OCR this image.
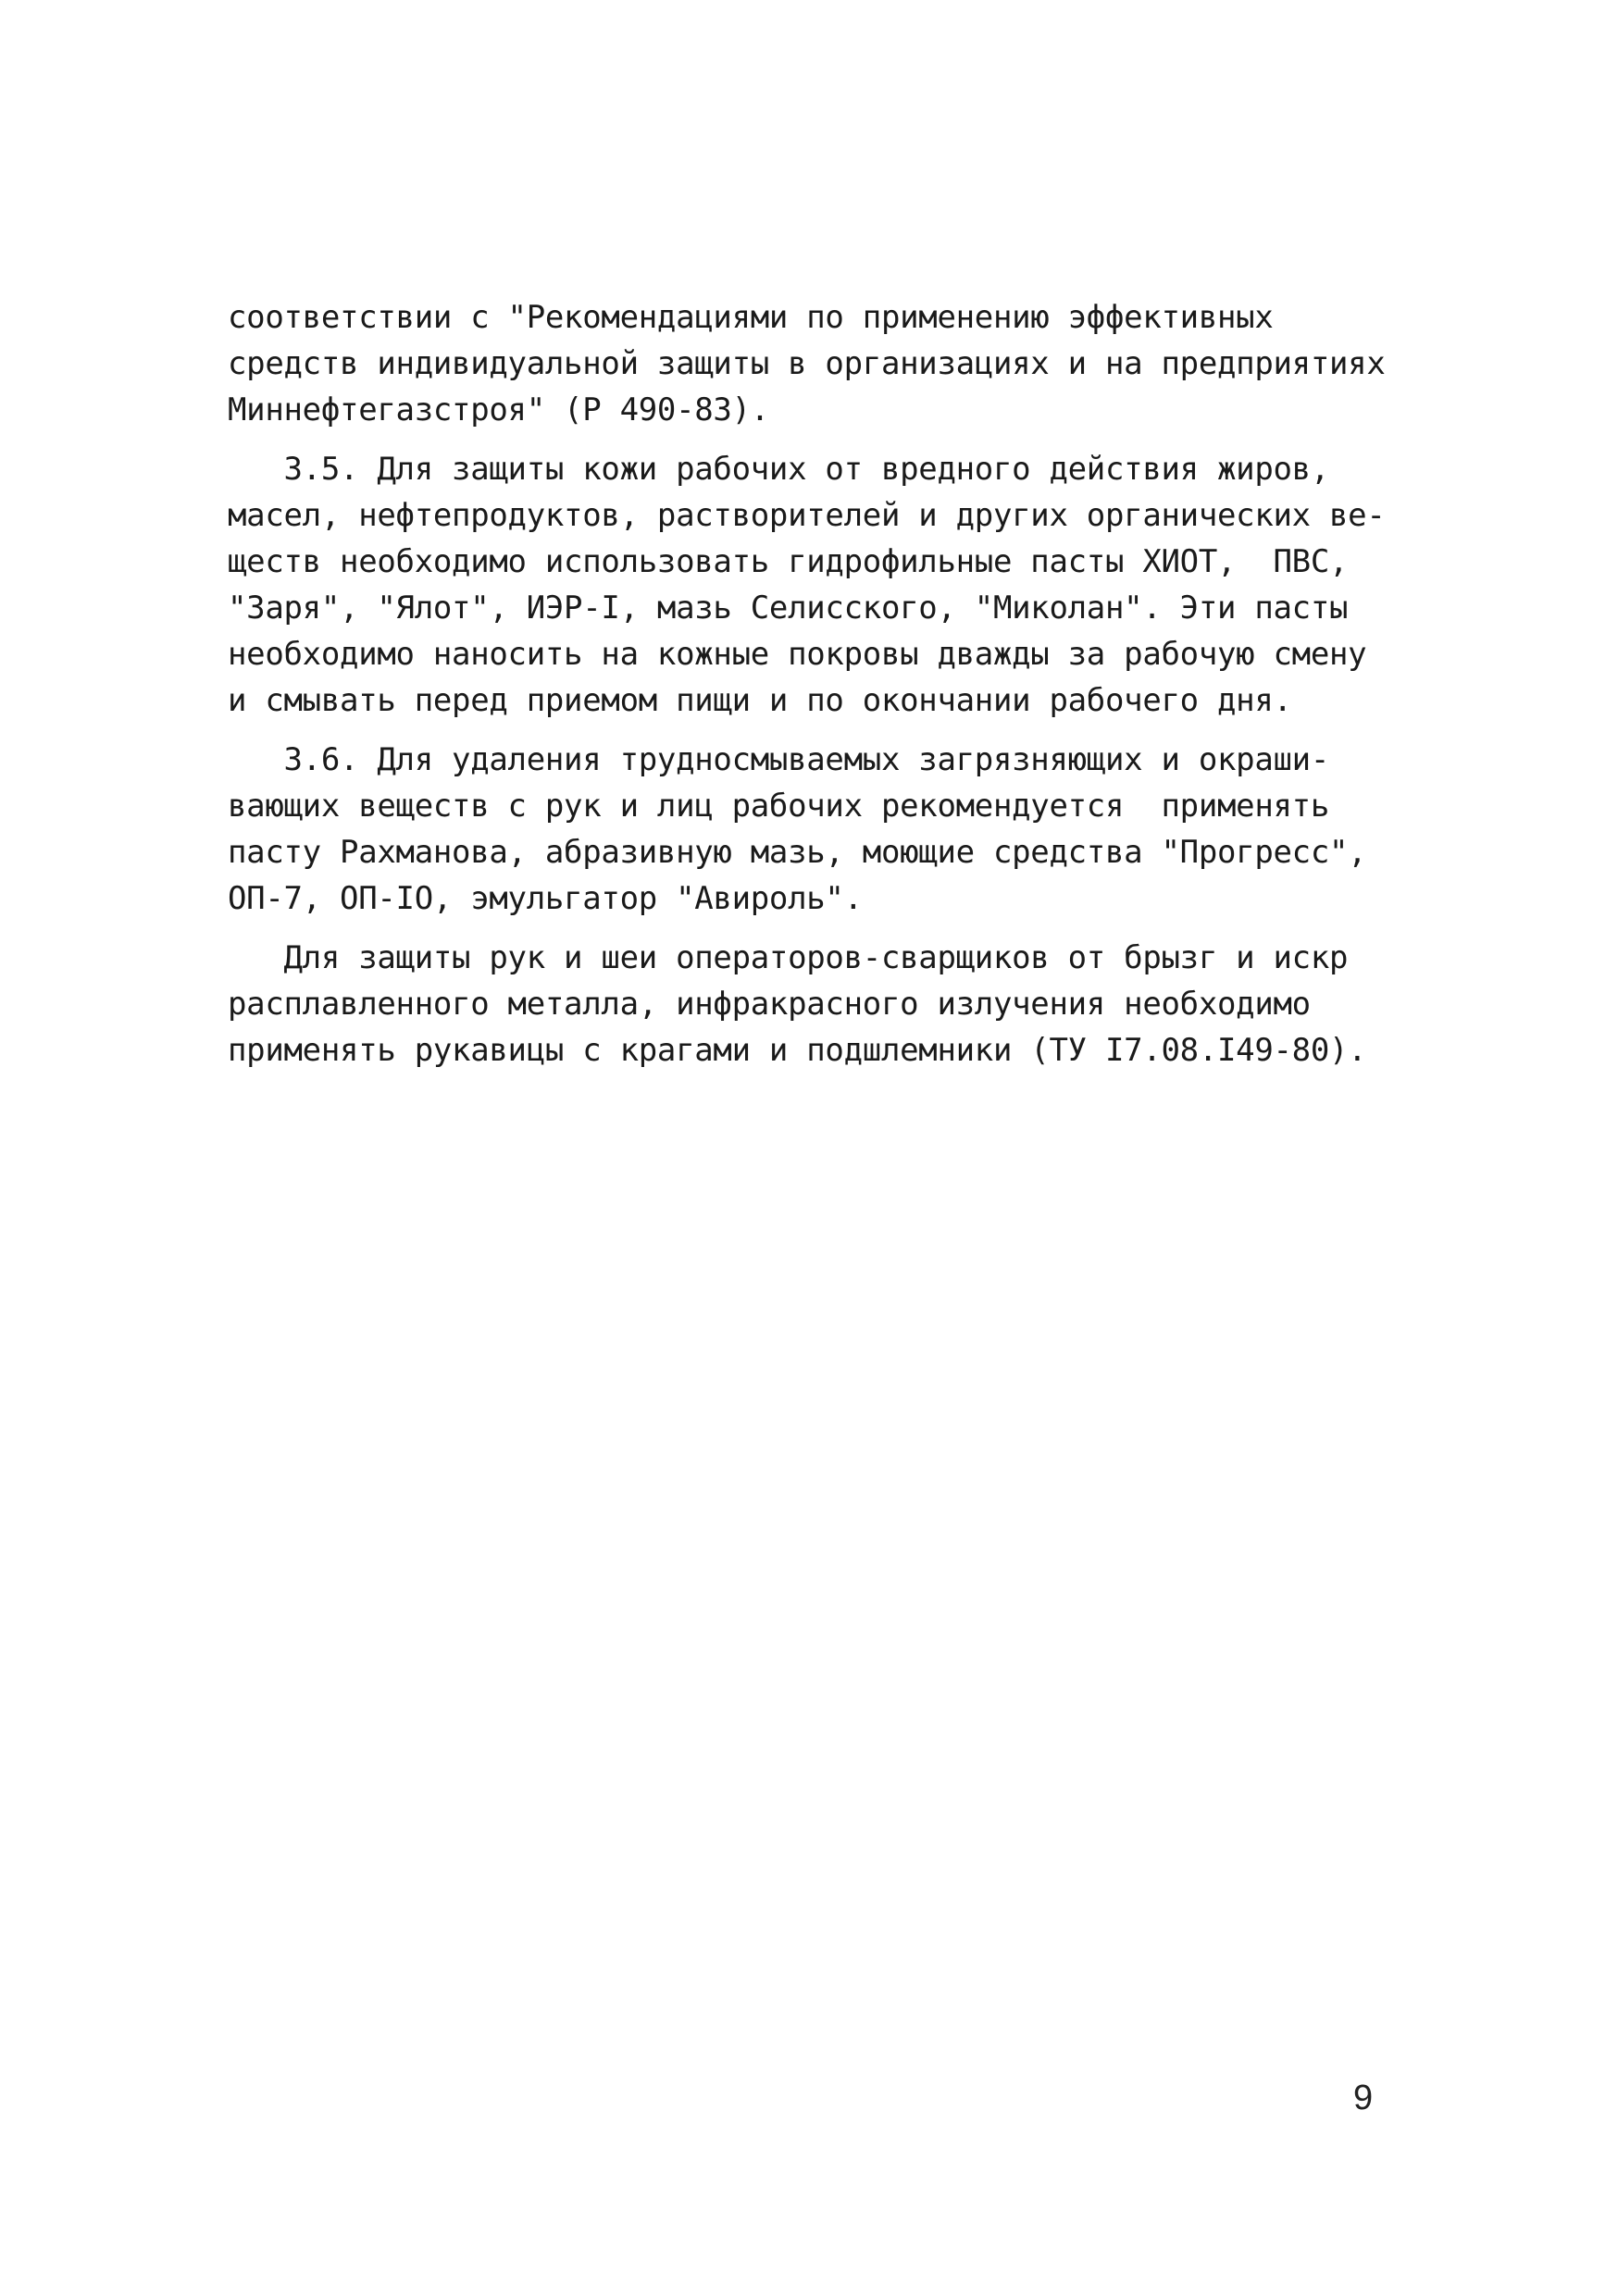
соответствии с "Рекомендациями по применению эффективных
средств индивидуальной защиты в организациях и на предприятиях
Миннефтегазстроя" (Р 490-83).
3.5. Для защиты кожи рабочих от вредного действия жиров,
масел, нефтепродуктов, растворителей и других органических ве-
ществ необходимо использовать гидрофильные пасты ХИОТ,  ПВС,
"Заря", "Ялот", ИЭР-I, мазь Селисского, "Миколан". Эти пасты
необходимо наносить на кожные покровы дважды за рабочую смену
и смывать перед приемом пищи и по окончании рабочего дня.
3.6. Для удаления трудносмываемых загрязняющих и окраши-
вающих веществ с рук и лиц рабочих рекомендуется  применять
пасту Рахманова, абразивную мазь, моющие средства "Прогресс",
ОП-7, ОП-IO, эмульгатор "Авироль".
Для защиты рук и шеи операторов-сварщиков от брызг и искр
расплавленного металла, инфракрасного излучения необходимо
применять рукавицы с крагами и подшлемники (ТУ I7.08.I49-80).
9
